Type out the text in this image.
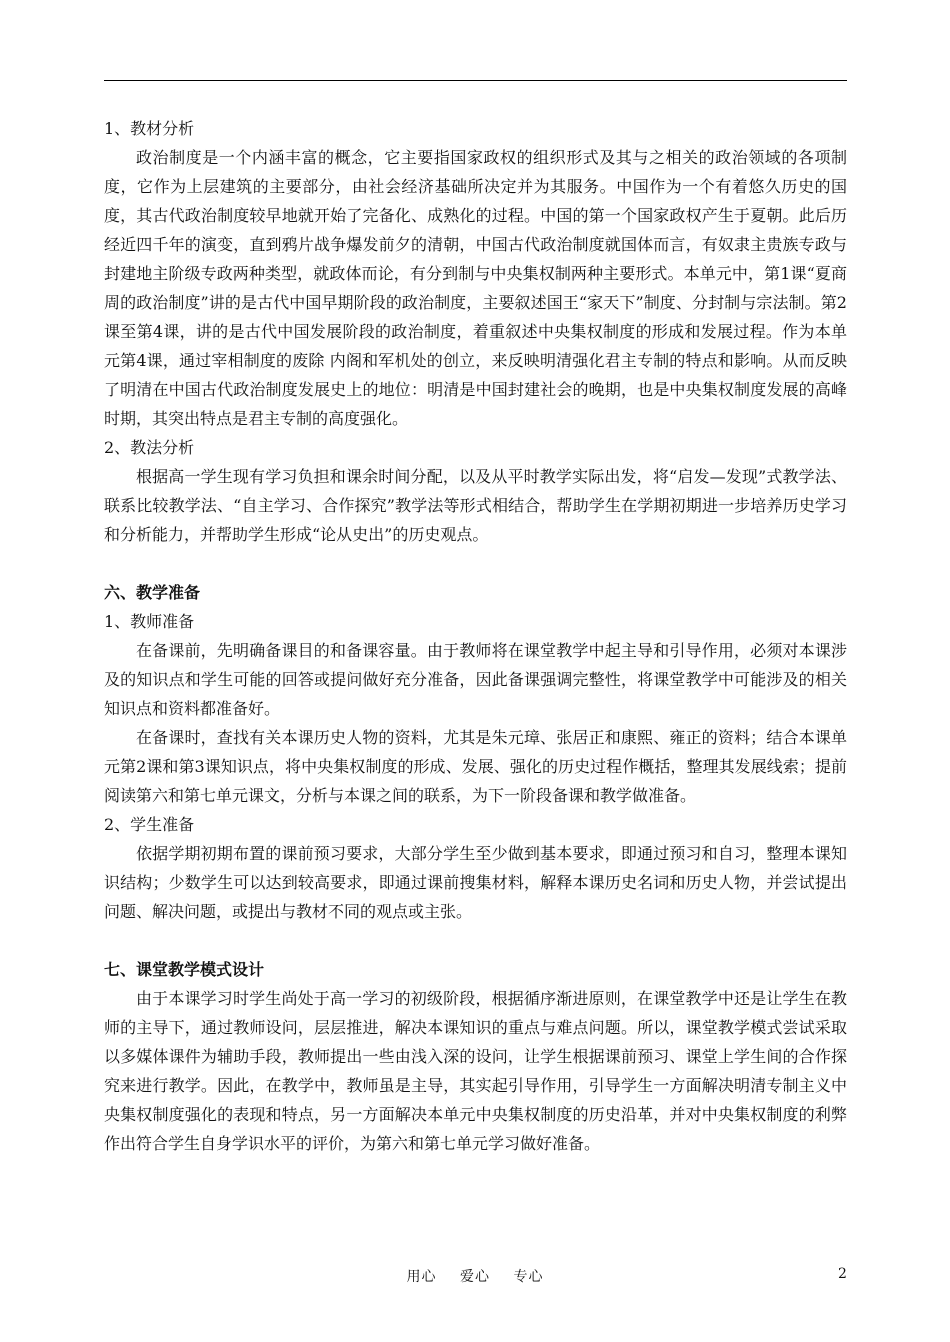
1、教材分析

政治制度是一个内涵丰富的概念，它主要指国家政权的组织形式及其与之相关的政治领域的各项制度，它作为上层建筑的主要部分，由社会经济基础所决定并为其服务。中国作为一个有着悠久历史的国度，其古代政治制度较早地就开始了完备化、成熟化的过程。中国的第一个国家政权产生于夏朝。此后历经近四千年的演变，直到鸦片战争爆发前夕的清朝，中国古代政治制度就国体而言，有奴隶主贵族专政与封建地主阶级专政两种类型，就政体而论，有分到制与中央集权制两种主要形式。本单元中，第1课“夏商周的政治制度”讲的是古代中国早期阶段的政治制度，主要叙述国王“家天下”制度、分封制与宗法制。第2课至第4课，讲的是古代中国发展阶段的政治制度，着重叙述中央集权制度的形成和发展过程。作为本单元第4课，通过宰相制度的废除 内阁和军机处的创立，来反映明清强化君主专制的特点和影响。从而反映了明清在中国古代政治制度发展史上的地位：明清是中国封建社会的晚期，也是中央集权制度发展的高峰时期，其突出特点是君主专制的高度强化。

2、教法分析

根据高一学生现有学习负担和课余时间分配，以及从平时教学实际出发，将“启发—发现”式教学法、联系比较教学法、“自主学习、合作探究”教学法等形式相结合，帮助学生在学期初期进一步培养历史学习和分析能力，并帮助学生形成“论从史出”的历史观点。

六、教学准备

1、教师准备

在备课前，先明确备课目的和备课容量。由于教师将在课堂教学中起主导和引导作用，必须对本课涉及的知识点和学生可能的回答或提问做好充分准备，因此备课强调完整性，将课堂教学中可能涉及的相关知识点和资料都准备好。

在备课时，查找有关本课历史人物的资料，尤其是朱元璋、张居正和康熙、雍正的资料；结合本课单元第2课和第3课知识点，将中央集权制度的形成、发展、强化的历史过程作概括，整理其发展线索；提前阅读第六和第七单元课文，分析与本课之间的联系，为下一阶段备课和教学做准备。

2、学生准备

依据学期初期布置的课前预习要求，大部分学生至少做到基本要求，即通过预习和自习，整理本课知识结构；少数学生可以达到较高要求，即通过课前搜集材料，解释本课历史名词和历史人物，并尝试提出问题、解决问题，或提出与教材不同的观点或主张。

七、课堂教学模式设计

由于本课学习时学生尚处于高一学习的初级阶段，根据循序渐进原则，在课堂教学中还是让学生在教师的主导下，通过教师设问，层层推进，解决本课知识的重点与难点问题。所以，课堂教学模式尝试采取以多媒体课件为辅助手段，教师提出一些由浅入深的设问，让学生根据课前预习、课堂上学生间的合作探究来进行教学。因此，在教学中，教师虽是主导，其实起引导作用，引导学生一方面解决明清专制主义中央集权制度强化的表现和特点，另一方面解决本单元中央集权制度的历史沿革，并对中央集权制度的利弊作出符合学生自身学识水平的评价，为第六和第七单元学习做好准备。

用心 爱心 专心	2
